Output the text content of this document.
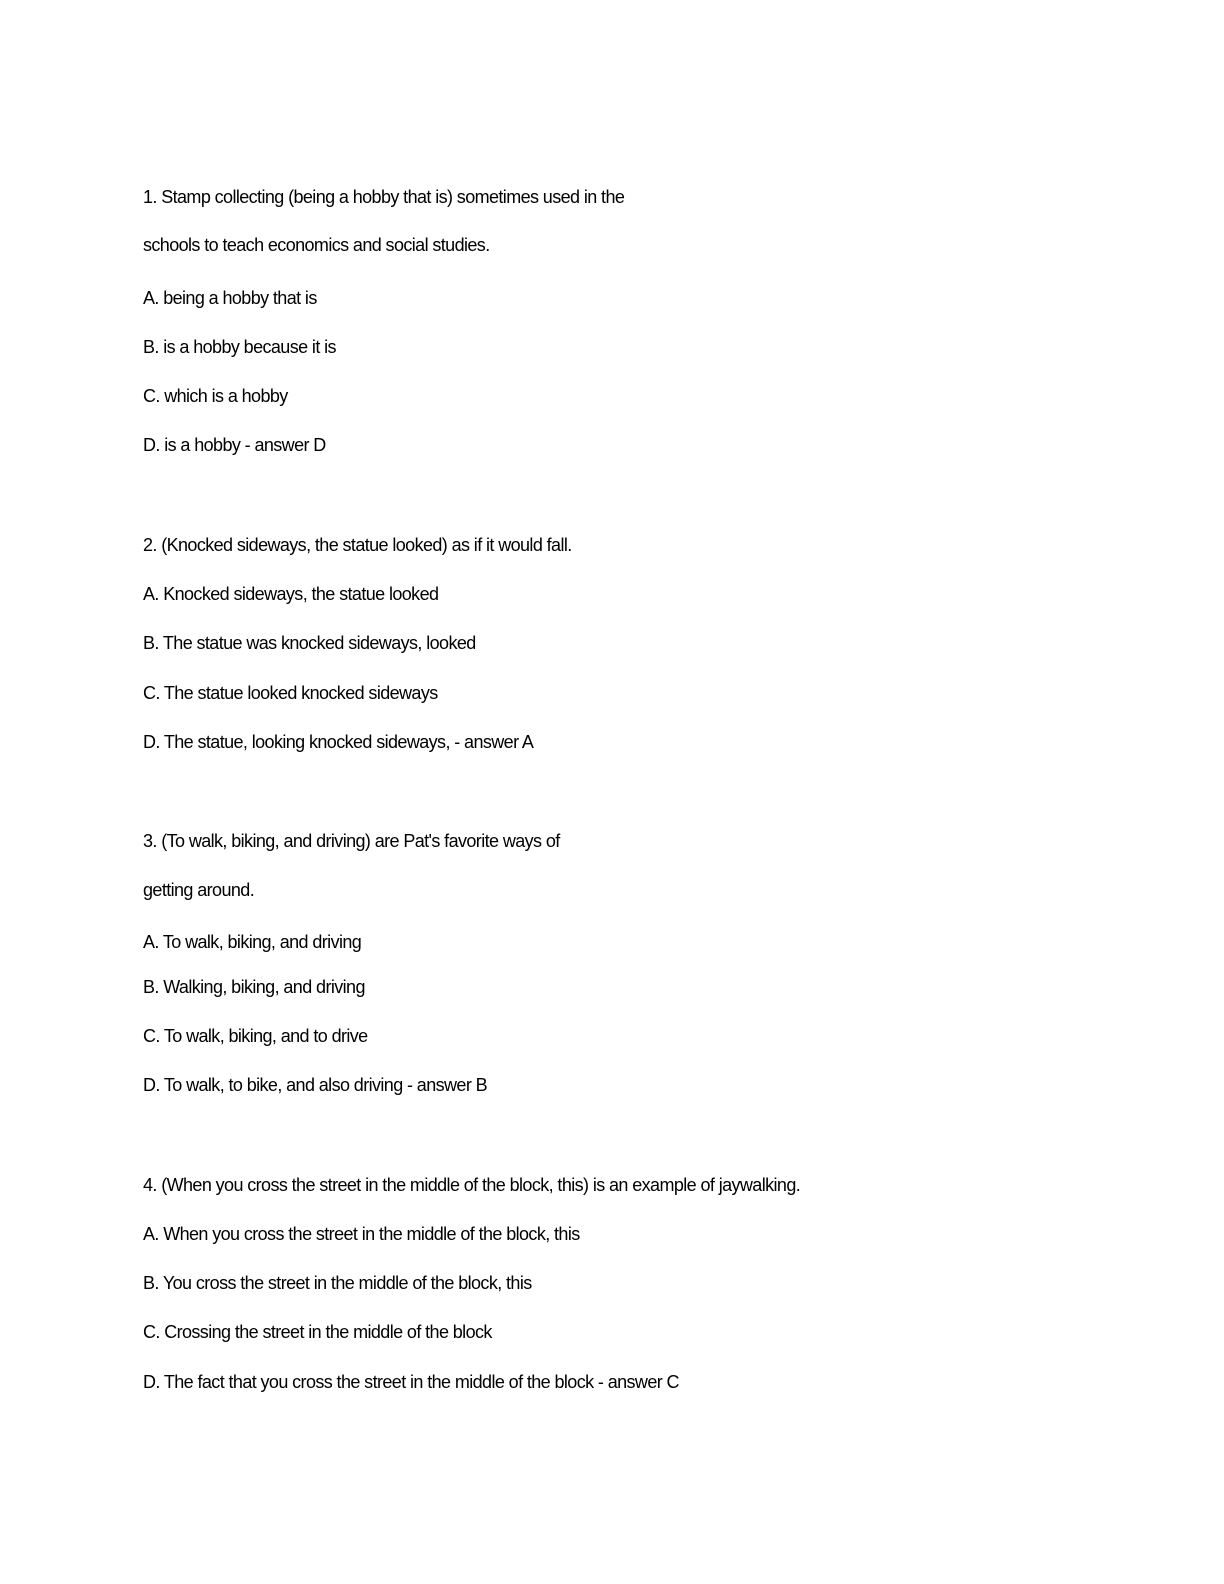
1. Stamp collecting (being a hobby that is) sometimes used in the
schools to teach economics and social studies.
A. being a hobby that is
B. is a hobby because it is
C. which is a hobby
D. is a hobby - answer D
2. (Knocked sideways, the statue looked) as if it would fall.
A. Knocked sideways, the statue looked
B. The statue was knocked sideways, looked
C. The statue looked knocked sideways
D. The statue, looking knocked sideways, - answer A
3. (To walk, biking, and driving) are Pat's favorite ways of
getting around.
A. To walk, biking, and driving
B. Walking, biking, and driving
C. To walk, biking, and to drive
D. To walk, to bike, and also driving - answer B
4. (When you cross the street in the middle of the block, this) is an example of jaywalking.
A. When you cross the street in the middle of the block, this
B. You cross the street in the middle of the block, this
C. Crossing the street in the middle of the block
D. The fact that you cross the street in the middle of the block - answer C
